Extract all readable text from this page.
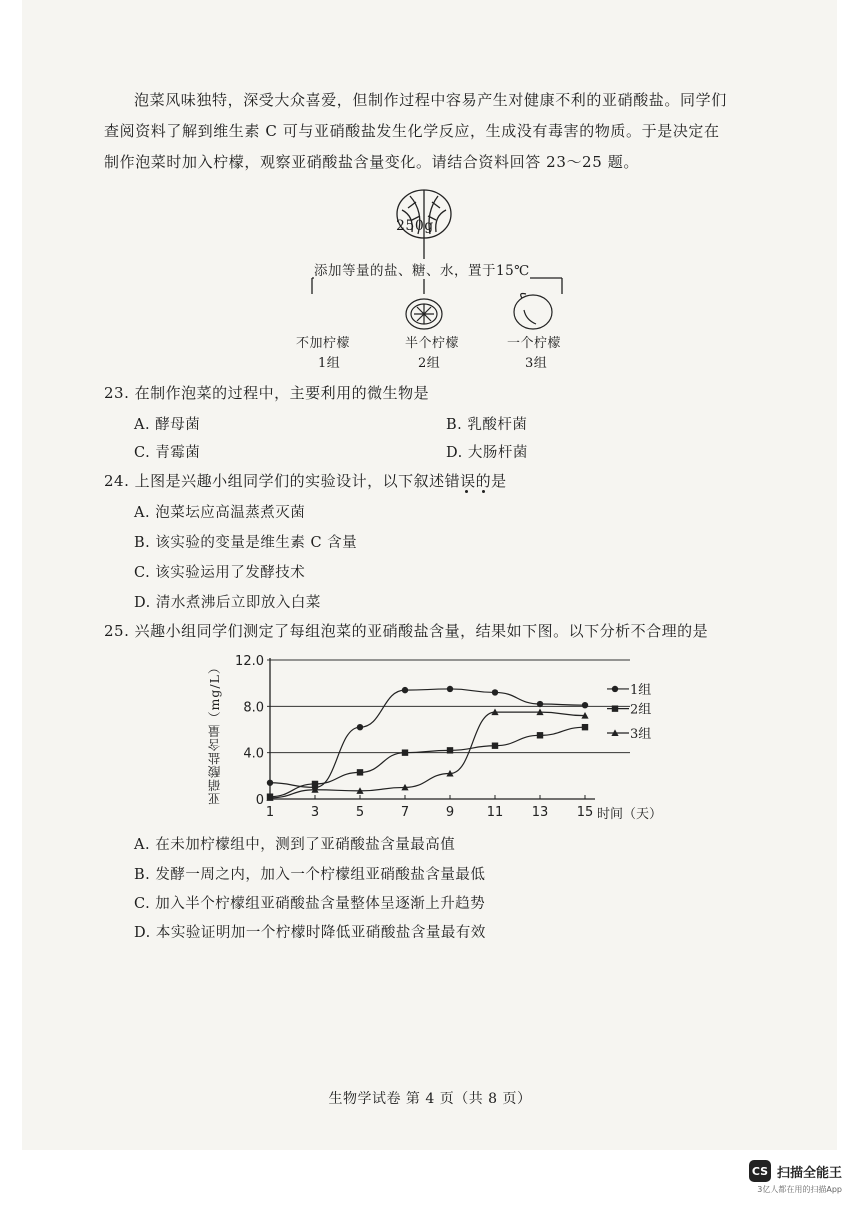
泡菜风味独特，深受大众喜爱，但制作过程中容易产生对健康不利的亚硝酸盐。同学们
查阅资料了解到维生素 C 可与亚硝酸盐发生化学反应，生成没有毒害的物质。于是决定在
制作泡菜时加入柠檬，观察亚硝酸盐含量变化。请结合资料回答 23～25 题。
250g
添加等量的盐、糖、水，置于15℃
不加柠檬
1组
半个柠檬
2组
一个柠檬
3组
23. 在制作泡菜的过程中，主要利用的微生物是
A. 酵母菌	B. 乳酸杆菌
C. 青霉菌	D. 大肠杆菌
24. 上图是兴趣小组同学们的实验设计，以下叙述错误的是
A. 泡菜坛应高温蒸煮灭菌
B. 该实验的变量是维生素 C 含量
C. 该实验运用了发酵技术
D. 清水煮沸后立即放入白菜
25. 兴趣小组同学们测定了每组泡菜的亚硝酸盐含量，结果如下图。以下分析不合理的是
0
4.0
8.0
12.0
1	3	5	7	9	11 13 15
1组
2组
3组
亚硝酸盐含量（mg/L）
时间（天）
A. 在未加柠檬组中，测到了亚硝酸盐含量最高值
B. 发酵一周之内，加入一个柠檬组亚硝酸盐含量最低
C. 加入半个柠檬组亚硝酸盐含量整体呈逐渐上升趋势
D. 本实验证明加一个柠檬时降低亚硝酸盐含量最有效
生物学试卷 第 4 页（共 8 页）
CS 扫描全能王
3亿人都在用的扫描App
